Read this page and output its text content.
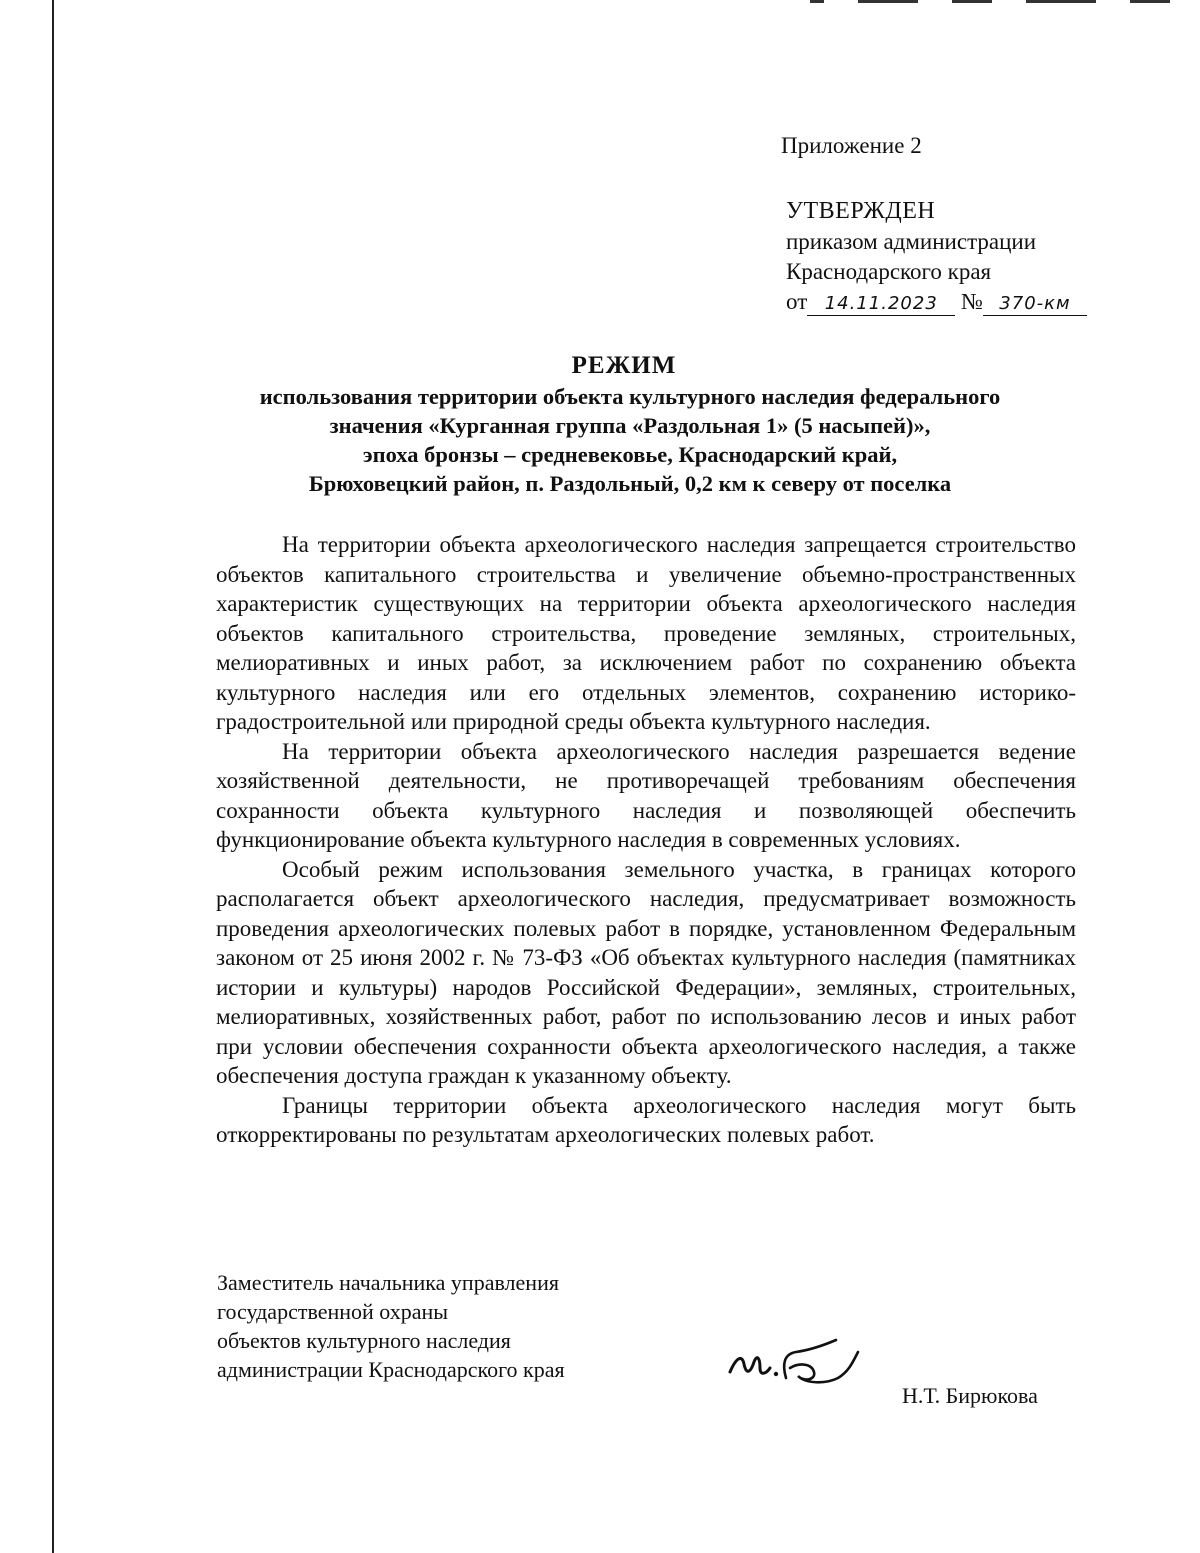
Приложение 2
УТВЕРЖДЕН
приказом администрации
Краснодарского края
от 14.11.2023 № 370-км
РЕЖИМ
использования территории объекта культурного наследия федерального
значения «Курганная группа «Раздольная 1» (5 насыпей)»,
эпоха бронзы – средневековье, Краснодарский край,
Брюховецкий район, п. Раздольный, 0,2 км к северу от поселка

На территории объекта археологического наследия запрещается строительство объектов капитального строительства и увеличение объемно-пространственных характеристик существующих на территории объекта археологического наследия объектов капитального строительства, проведение земляных, строительных, мелиоративных и иных работ, за исключением работ по сохранению объекта культурного наследия или его отдельных элементов, сохранению историко-градостроительной или природной среды объекта культурного наследия.

На территории объекта археологического наследия разрешается ведение хозяйственной деятельности, не противоречащей требованиям обеспечения сохранности объекта культурного наследия и позволяющей обеспечить функционирование объекта культурного наследия в современных условиях.

Особый режим использования земельного участка, в границах которого располагается объект археологического наследия, предусматривает возможность проведения археологических полевых работ в порядке, установленном Федеральным законом от 25 июня 2002 г. № 73-ФЗ «Об объектах культурного наследия (памятниках истории и культуры) народов Российской Федерации», земляных, строительных, мелиоративных, хозяйственных работ, работ по использованию лесов и иных работ при условии обеспечения сохранности объекта археологического наследия, а также обеспечения доступа граждан к указанному объекту.

Границы территории объекта археологического наследия могут быть откорректированы по результатам археологических полевых работ.

Заместитель начальника управления
государственной охраны
объектов культурного наследия
администрации Краснодарского края
Н.Т. Бирюкова
